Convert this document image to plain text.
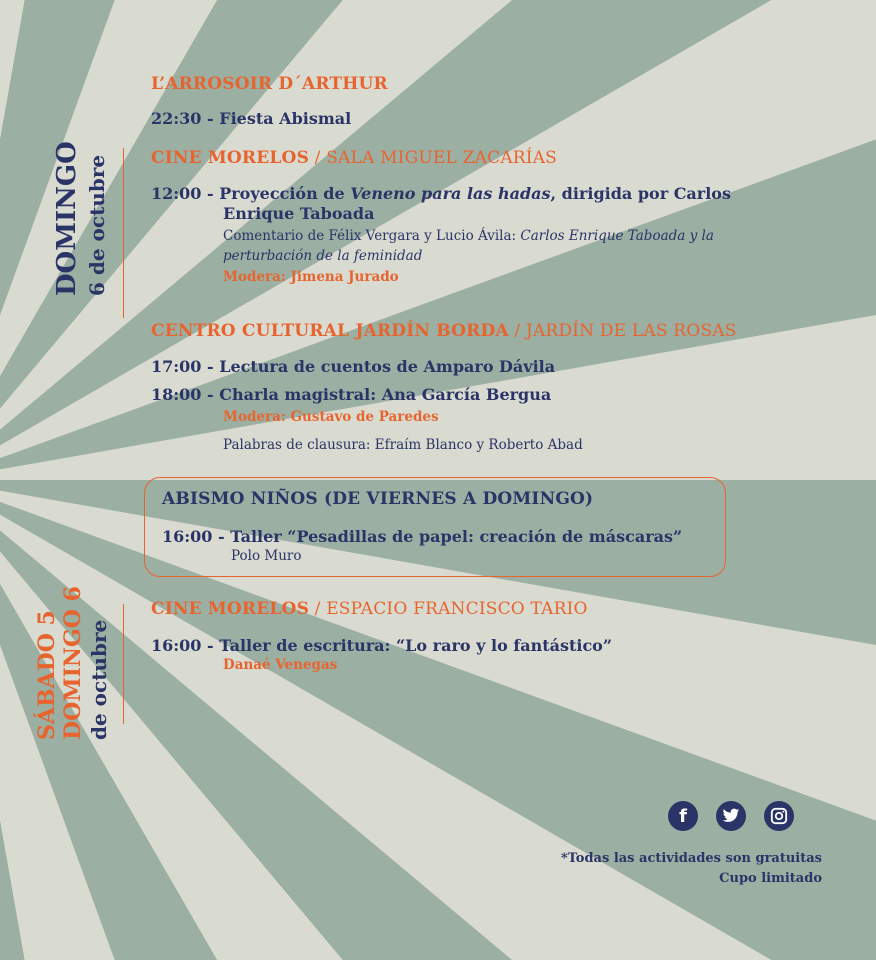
DOMINGO 6 de octubre
SÁBADO 5 DOMINGO 6 de octubre
L’ARROSOIR D´ARTHUR
22:30 - Fiesta Abismal
CINE MORELOS / SALA MIGUEL ZACARÍAS
12:00 - Proyección de Veneno para las hadas, dirigida por Carlos
Enrique Taboada
Comentario de Félix Vergara y Lucio Ávila: Carlos Enrique Taboada y la
perturbación de la feminidad
Modera: Jimena Jurado
CENTRO CULTURAL JARDÍN BORDA / JARDÍN DE LAS ROSAS
17:00 - Lectura de cuentos de Amparo Dávila
18:00 - Charla magistral: Ana García Bergua
Modera: Gustavo de Paredes
Palabras de clausura: Efraím Blanco y Roberto Abad
ABISMO NIÑOS (DE VIERNES A DOMINGO)
16:00 - Taller “Pesadillas de papel: creación de máscaras”
Polo Muro
CINE MORELOS / ESPACIO FRANCISCO TARIO
16:00 - Taller de escritura: “Lo raro y lo fantástico”
Danaé Venegas
f
*Todas las actividades son gratuitas
Cupo limitado
